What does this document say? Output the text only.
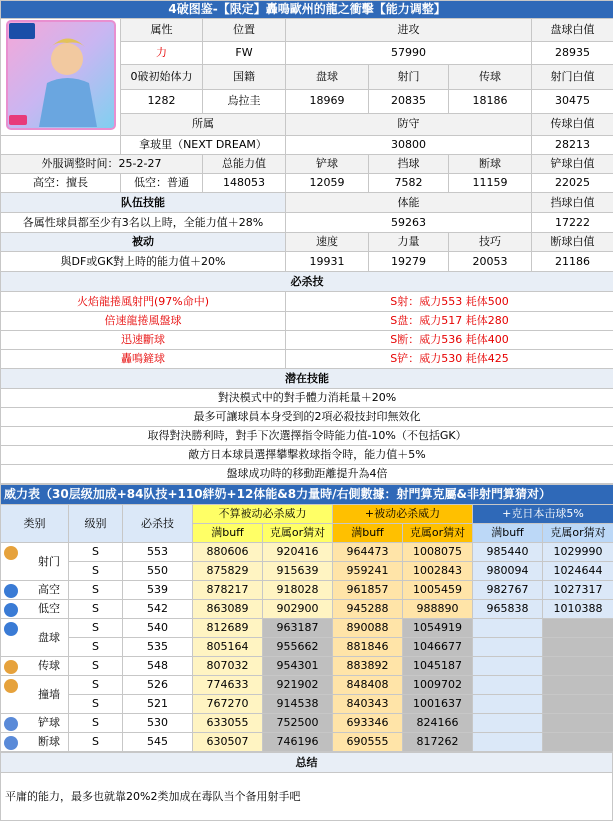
4破图鉴-【限定】轟鳴歐州的龍之衝擊【能力调整】						
	属性	位置	进攻			盘球白值
	力	FW	57990			28935
	0破初始体力	国籍	盘球	射门	传球	射门白值
	1282	烏拉圭	18969	20835	18186	30475
	所属		防守			传球白值
	拿玻里（NEXT DREAM）		30800			28213
外服调整时间：25-2-27		总能力值	铲球	挡球	断球	铲球白值
高空：擅長	低空：普通	148053	12059	7582	11159	22025
队伍技能			体能			挡球白值
各属性球員都至少有3名以上時，全能力值＋28%			59263			17222
被动			速度	力量	技巧	断球白值
與DF或GK對上時的能力值＋20%			19931	19279	20053	21186
必杀技						
火焰龍捲風射門(97%命中)			S射：威力553 耗体500			
倍速龍捲風盤球			S盘：威力517 耗体280			
迅速斷球			S断：威力536 耗体400			
轟鳴鏟球			S铲：威力530 耗体425			
潜在技能						
對決模式中的對手體力消耗量＋20%						
最多可讓球員本身受到的2項必殺技封印無效化						
取得對決勝利時，對手下次選擇指令時能力值-10%（不包括GK）						
敵方日本球員選擇攀擊救球指令時，能力值＋5%						
盤球成功時的移動距離提升為4倍						
威力表（30层级加成+84队技+110絆奶+12体能&8力量時/右側數據：射門算克屬&非射門算猜对）								
类别	级别	必杀技	不算被动必杀威力		+被动必杀威力		+克日本击球5%	
			满buff	克属or猜对	满buff	克属or猜对	满buff	克属or猜对

射门	S	553	880606	920416	964473	1008075	985440	1029990
	S	550	875829	915639	959241	1002843	980094	1024644

高空	S	539	878217	918028	961857	1005459	982767	1027317

低空	S	542	863089	902900	945288	988890	965838	1010388

盘球	S	540	812689	963187	890088	1054919		
	S	535	805164	955662	881846	1046677		

传球	S	548	807032	954301	883892	1045187		

撞墙	S	526	774633	921902	848408	1009702		
	S	521	767270	914538	840343	1001637		

铲球	S	530	633055	752500	693346	824166		

断球	S	545	630507	746196	690555	817262		
总结
平庸的能力，最多也就靠20%2类加成在毒队当个备用射手吧
